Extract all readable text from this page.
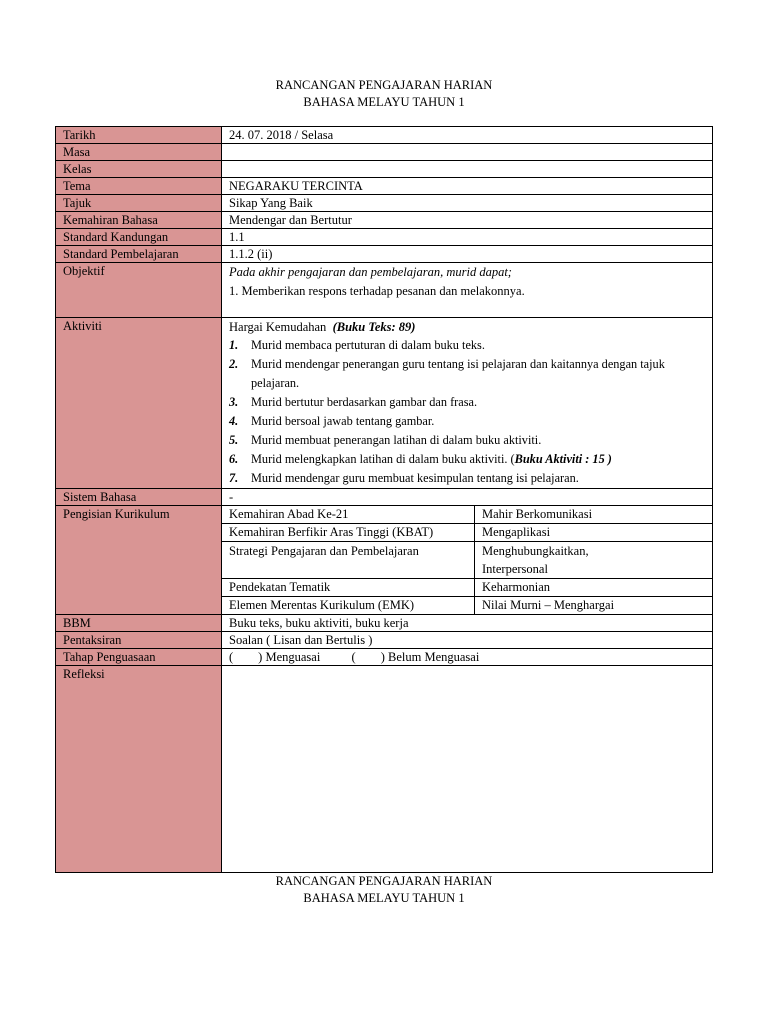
RANCANGAN PENGAJARAN HARIAN
BAHASA MELAYU TAHUN 1
Tarikh	24. 07. 2018 / Selasa
Masa	
Kelas	
Tema	NEGARAKU TERCINTA
Tajuk	Sikap Yang Baik
Kemahiran Bahasa	Mendengar dan Bertutur
Standard Kandungan	1.1
Standard Pembelajaran	1.1.2 (ii)
Objektif	Pada akhir pengajaran dan pembelajaran, murid dapat;
1. Memberikan respons terhadap pesanan dan melakonnya.

Aktiviti	Hargai Kemudahan (Buku Teks: 89)
1.	Murid membaca pertuturan di dalam buku teks.
2.	Murid mendengar penerangan guru tentang isi pelajaran dan kaitannya dengan tajuk pelajaran.
3.	Murid bertutur berdasarkan gambar dan frasa.
4.	Murid bersoal jawab tentang gambar.
5.	Murid membuat penerangan latihan di dalam buku aktiviti.
6.	Murid melengkapkan latihan di dalam buku aktiviti. (Buku Aktiviti : 15 )
7.	Murid mendengar guru membuat kesimpulan tentang isi pelajaran.

Sistem Bahasa	-
Pengisian Kurikulum		Kemahiran Abad Ke-21	Mahir Berkomunikasi
Kemahiran Berfikir Aras Tinggi (KBAT)	Mengaplikasi
Strategi Pengajaran dan Pembelajaran	Menghubungkaitkan,
Interpersonal

Pendekatan Tematik	Keharmonian
Elemen Merentas Kurikulum (EMK)	Nilai Murni – Menghargai

BBM	Buku teks, buku aktiviti, buku kerja
Pentaksiran	Soalan ( Lisan dan Bertulis )
Tahap Penguasaan	(        ) Menguasai	(        ) Belum Menguasai
Refleksi	
RANCANGAN PENGAJARAN HARIAN
BAHASA MELAYU TAHUN 1
